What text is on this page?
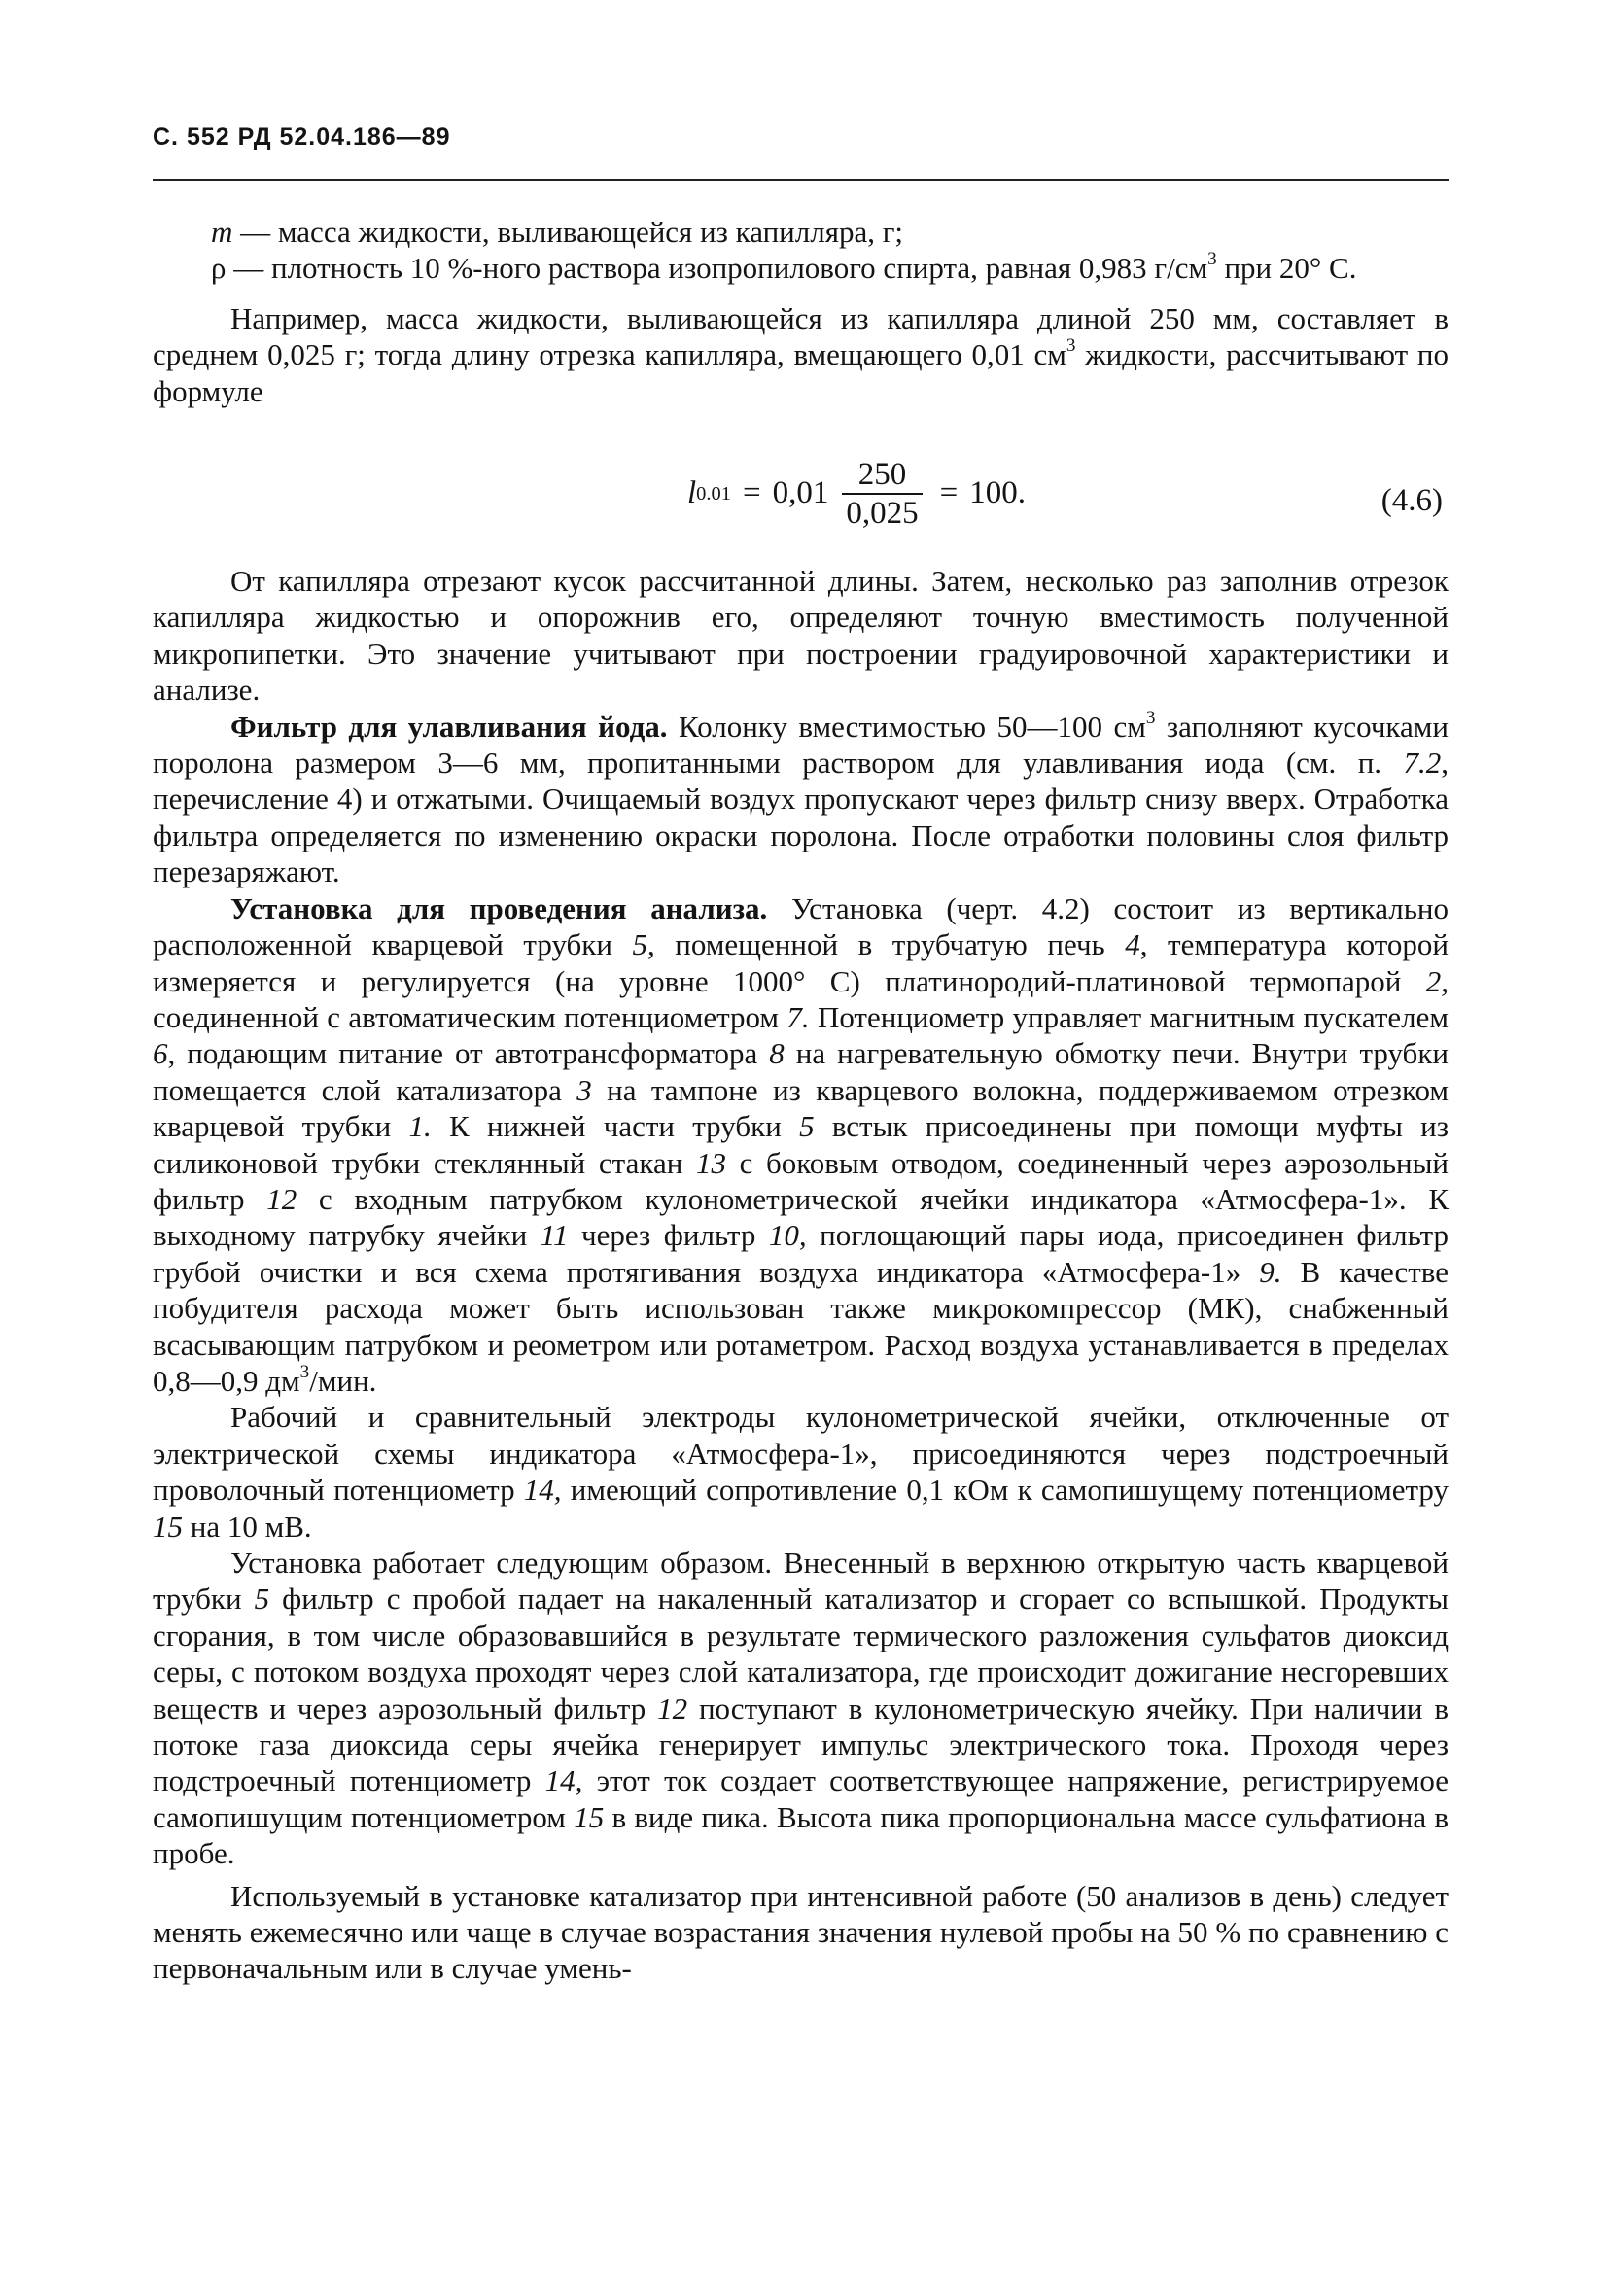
С. 552 РД 52.04.186—89

m — масса жидкости, выливающейся из капилляра, г;

ρ — плотность 10 %-ного раствора изопропилового спирта, равная 0,983 $г/см^3$ при 20° С.

Например, масса жидкости, выливающейся из капилляра длиной 250 мм, составляет в среднем 0,025 г; тогда длину отрезка капилляра, вмещающего 0,01 $см^3$ жидкости, рассчитывают по формуле

l $0.01 = 0,01 \frac{250}{0,025} = 100$.	(4.6)

От капилляра отрезают кусок рассчитанной длины. Затем, несколько раз заполнив отрезок капилляра жидкостью и опорожнив его, определяют точную вместимость полученной микропипетки. Это значение учитывают при построении градуировочной характеристики и анализе.

Фильтр для улавливания йода. Колонку вместимостью 50—100 $см^3$ заполняют кусочками поролона размером 3—6 мм, пропитанными раствором для улавливания иода (см. п. 7.2, перечисление 4) и отжатыми. Очищаемый воздух пропускают через фильтр снизу вверх. Отработка фильтра определяется по изменению окраски поролона. После отработки половины слоя фильтр перезаряжают.

Установка для проведения анализа. Установка (черт. 4.2) состоит из вертикально расположенной кварцевой трубки 5, помещенной в трубчатую печь 4, температура которой измеряется и регулируется (на уровне 1000° С) платинородий-платиновой термопарой 2, соединенной с автоматическим потенциометром 7. Потенциометр управляет магнитным пускателем 6, подающим питание от автотрансформатора 8 на нагревательную обмотку печи. Внутри трубки помещается слой катализатора 3 на тампоне из кварцевого волокна, поддерживаемом отрезком кварцевой трубки 1. К нижней части трубки 5 встык присоединены при помощи муфты из силиконовой трубки стеклянный стакан 13 с боковым отводом, соединенный через аэрозольный фильтр 12 с входным патрубком кулонометрической ячейки индикатора «Атмосфера-1». К выходному патрубку ячейки 11 через фильтр 10, поглощающий пары иода, присоединен фильтр грубой очистки и вся схема протягивания воздуха индикатора «Атмосфера-1» 9. В качестве побудителя расхода может быть использован также микрокомпрессор (МК), снабженный всасывающим патрубком и реометром или ротаметром. Расход воздуха устанавливается в пределах 0,8—0,9 $дм^3$/мин.

Рабочий и сравнительный электроды кулонометрической ячейки, отключенные от электрической схемы индикатора «Атмосфера-1», присоединяются через подстроечный проволочный потенциометр 14, имеющий сопротивление 0,1 кОм к самопишущему потенциометру 15 на 10 мВ.

Установка работает следующим образом. Внесенный в верхнюю открытую часть кварцевой трубки 5 фильтр с пробой падает на накаленный катализатор и сгорает со вспышкой. Продукты сгорания, в том числе образовавшийся в результате термического разложения сульфатов диоксид серы, с потоком воздуха проходят через слой катализатора, где происходит дожигание несгоревших веществ и через аэрозольный фильтр 12 поступают в кулонометрическую ячейку. При наличии в потоке газа диоксида серы ячейка генерирует импульс электрического тока. Проходя через подстроечный потенциометр 14, этот ток создает соответствующее напряжение, регистрируемое самопишущим потенциометром 15 в виде пика. Высота пика пропорциональна массе сульфатиона в пробе.

Используемый в установке катализатор при интенсивной работе (50 анализов в день) следует менять ежемесячно или чаще в случае возрастания значения нулевой пробы на 50 % по сравнению с первоначальным или в случае умень-
